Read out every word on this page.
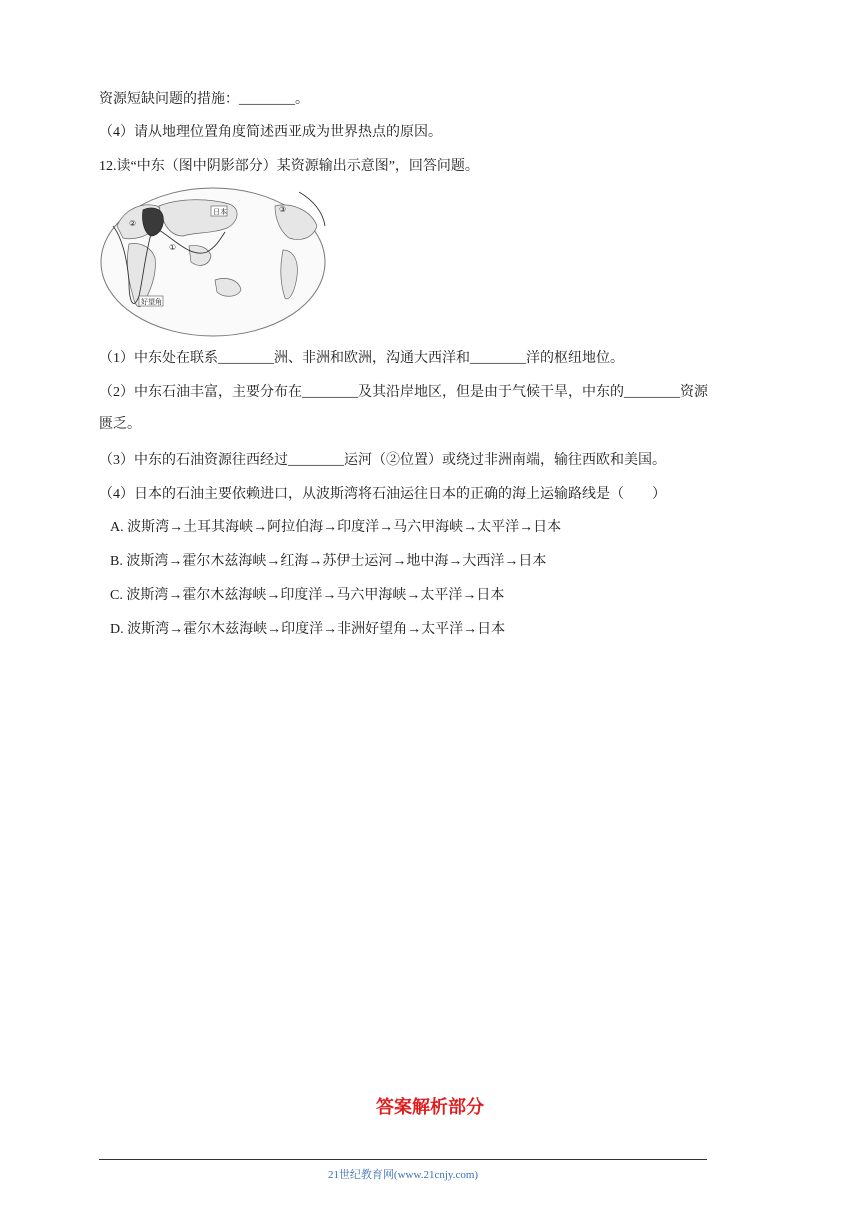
资源短缺问题的措施：________。
（4）请从地理位置角度简述西亚成为世界热点的原因。
12.读“中东（图中阴影部分）某资源输出示意图”，回答问题。
日本
好望角
①
②
③
（1）中东处在联系________洲、非洲和欧洲，沟通大西洋和________洋的枢纽地位。
（2）中东石油丰富，主要分布在________及其沿岸地区，但是由于气候干旱，中东的________资源
匮乏。
（3）中东的石油资源往西经过________运河（②位置）或绕过非洲南端，输往西欧和美国。
（4）日本的石油主要依赖进口，从波斯湾将石油运往日本的正确的海上运输路线是（　　）
A. 波斯湾→土耳其海峡→阿拉伯海→印度洋→马六甲海峡→太平洋→日本
B. 波斯湾→霍尔木兹海峡→红海→苏伊士运河→地中海→大西洋→日本
C. 波斯湾→霍尔木兹海峡→印度洋→马六甲海峡→太平洋→日本
D. 波斯湾→霍尔木兹海峡→印度洋→非洲好望角→太平洋→日本
答案解析部分
21世纪教育网(www.21cnjy.com)
